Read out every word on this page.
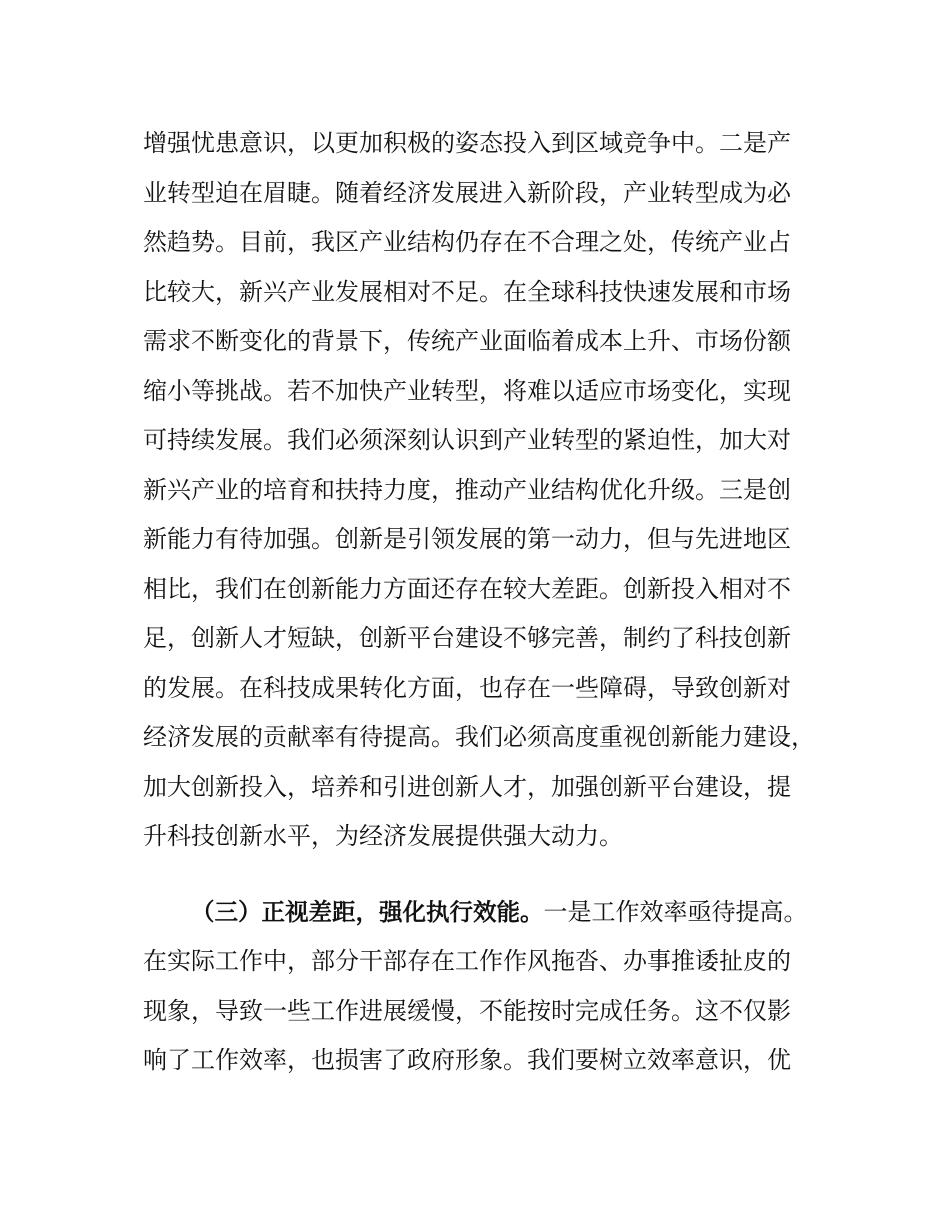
增强忧患意识，以更加积极的姿态投入到区域竞争中。二是产
业转型迫在眉睫。随着经济发展进入新阶段，产业转型成为必
然趋势。目前，我区产业结构仍存在不合理之处，传统产业占
比较大，新兴产业发展相对不足。在全球科技快速发展和市场
需求不断变化的背景下，传统产业面临着成本上升、市场份额
缩小等挑战。若不加快产业转型，将难以适应市场变化，实现
可持续发展。我们必须深刻认识到产业转型的紧迫性，加大对
新兴产业的培育和扶持力度，推动产业结构优化升级。三是创
新能力有待加强。创新是引领发展的第一动力，但与先进地区
相比，我们在创新能力方面还存在较大差距。创新投入相对不
足，创新人才短缺，创新平台建设不够完善，制约了科技创新
的发展。在科技成果转化方面，也存在一些障碍，导致创新对
经济发展的贡献率有待提高。我们必须高度重视创新能力建设，
加大创新投入，培养和引进创新人才，加强创新平台建设，提
升科技创新水平，为经济发展提供强大动力。
（三）正视差距，强化执行效能。一是工作效率亟待提高。
在实际工作中，部分干部存在工作作风拖沓、办事推诿扯皮的
现象，导致一些工作进展缓慢，不能按时完成任务。这不仅影
响了工作效率，也损害了政府形象。我们要树立效率意识，优
